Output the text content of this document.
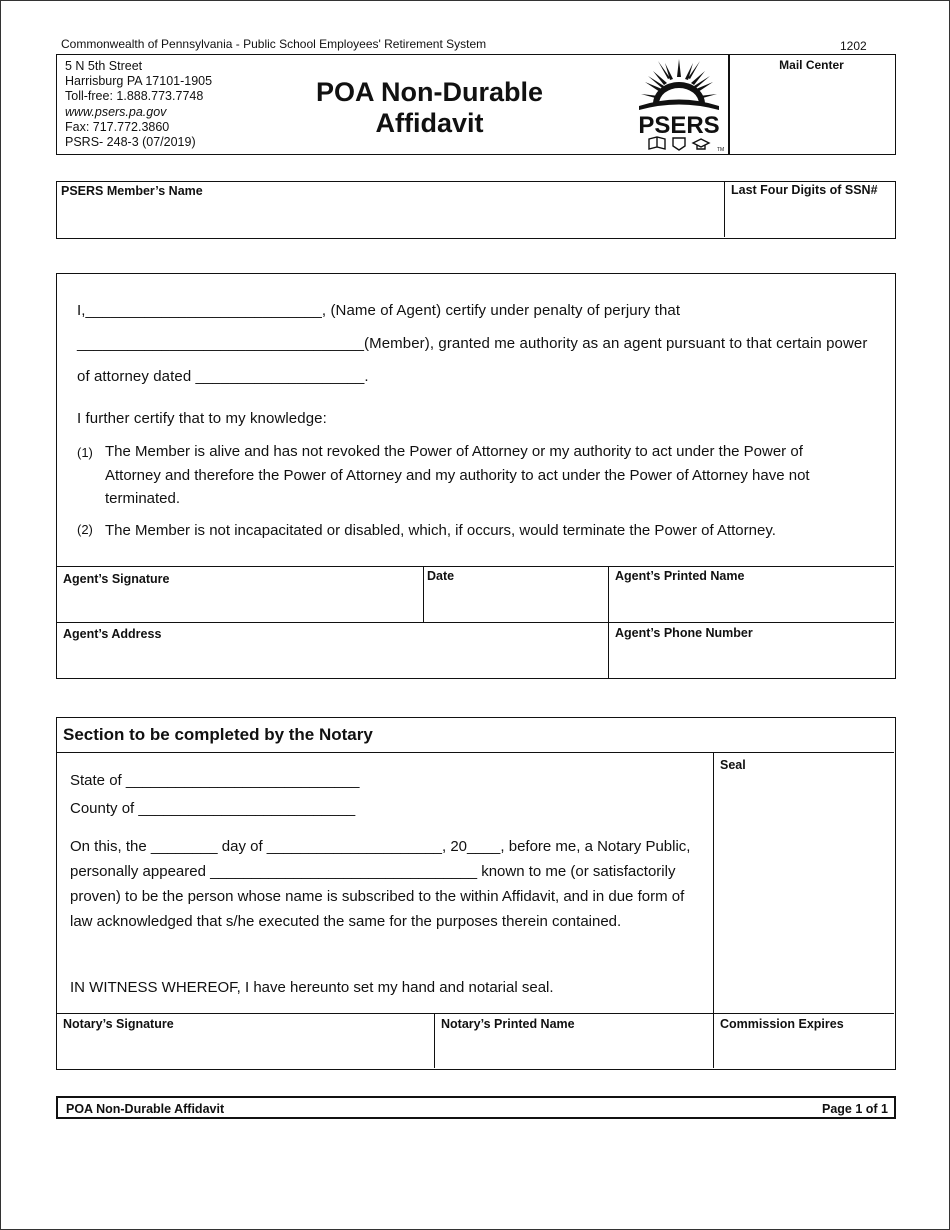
Commonwealth of Pennsylvania - Public School Employees' Retirement System	1202
5 N 5th Street
Harrisburg PA 17101-1905
Toll-free: 1.888.773.7748
www.psers.pa.gov
Fax: 717.772.3860
PSRS- 248-3 (07/2019)
POA Non-Durable
Affidavit	PSERS
TM
Mail Center
PSERS Member’s Name	Last Four Digits of SSN#
I,____________________________, (Name of Agent) certify under penalty of perjury that
__________________________________(Member), granted me authority as an agent pursuant to that certain power
of attorney dated ____________________.
I further certify that to my knowledge:
(1) The Member is alive and has not revoked the Power of Attorney or my authority to act under the Power of Attorney and therefore the Power of Attorney and my authority to act under the Power of Attorney have not terminated.
(2) The Member is not incapacitated or disabled, which, if occurs, would terminate the Power of Attorney.
Agent’s Signature	Date	Agent’s Printed Name
Agent’s Address	Agent’s Phone Number
Section to be completed by the Notary
Seal
State of ____________________________
County of __________________________
On this, the ________ day of _____________________, 20____, before me, a Notary Public, personally appeared ________________________________ known to me (or satisfactorily proven) to be the person whose name is subscribed to the within Affidavit, and in due form of law acknowledged that s/he executed the same for the purposes therein contained.
IN WITNESS WHEREOF, I have hereunto set my hand and notarial seal.
Notary’s Signature	Notary’s Printed Name	Commission Expires
POA Non-Durable Affidavit	Page 1 of 1
